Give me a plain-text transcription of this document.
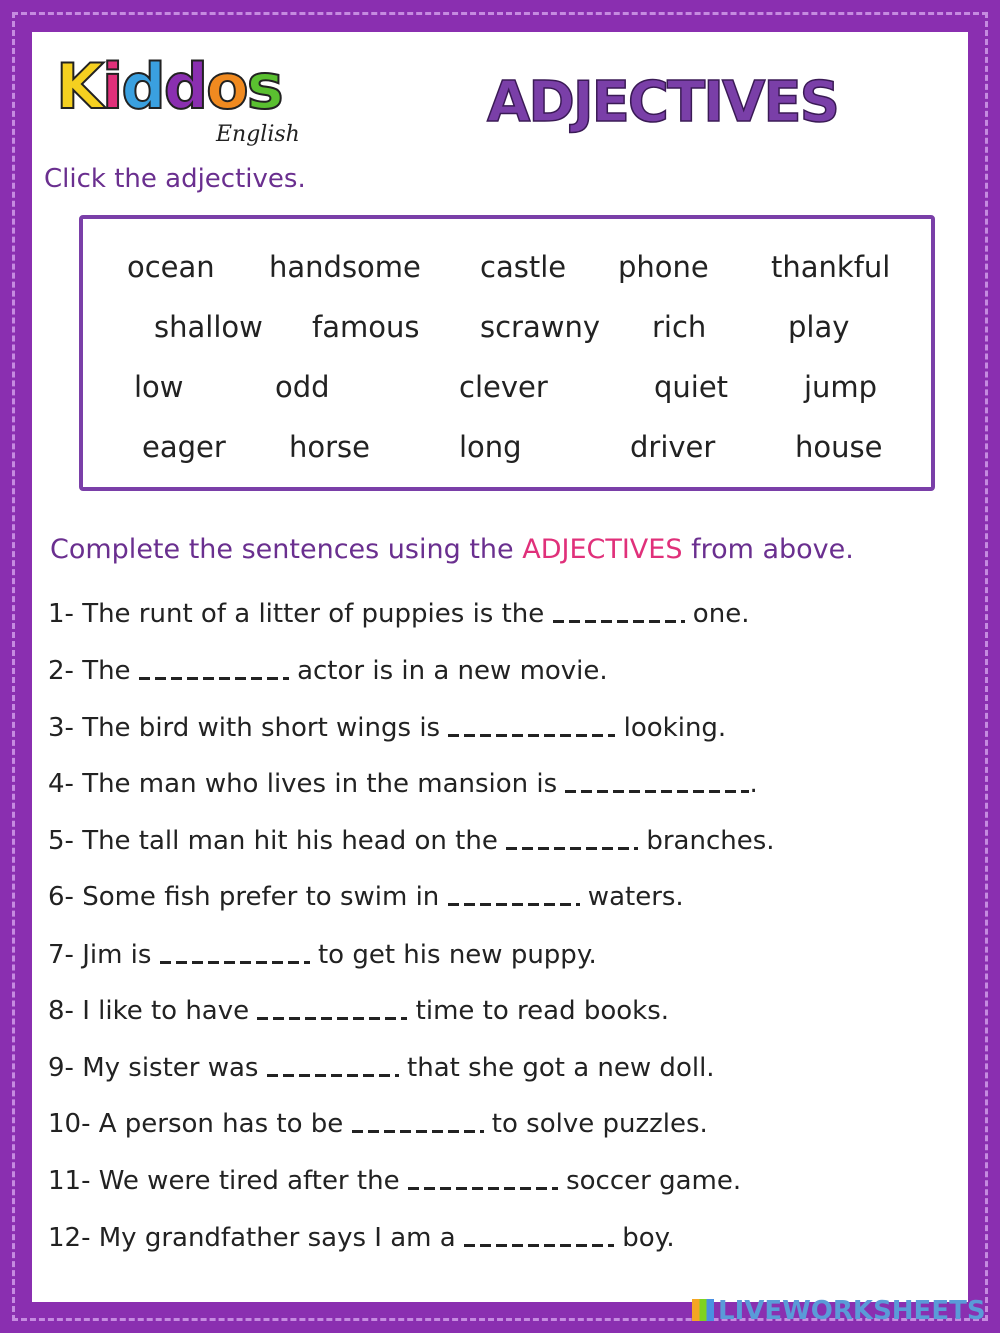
Kiddos
English	ADJECTIVES
Click the adjectives.
ocean handsome castle phone thankful
shallow famous scrawny rich	play
low	odd	clever	quiet	jump
eager horse	long	driver	house
Complete the sentences using the ADJECTIVES from above.
1- The runt of a litter of puppies is the	one.
2- The	actor is in a new movie.
3- The bird with short wings is	looking.
4- The man who lives in the mansion is	.
5- The tall man hit his head on the	branches.
6- Some fish prefer to swim in	waters.
7- Jim is	to get his new puppy.
8- I like to have	time to read books.
9- My sister was	that she got a new doll.
10- A person has to be	to solve puzzles.
11- We were tired after the	soccer game.
12- My grandfather says I am a	boy.
LIVEWORKSHEETS
